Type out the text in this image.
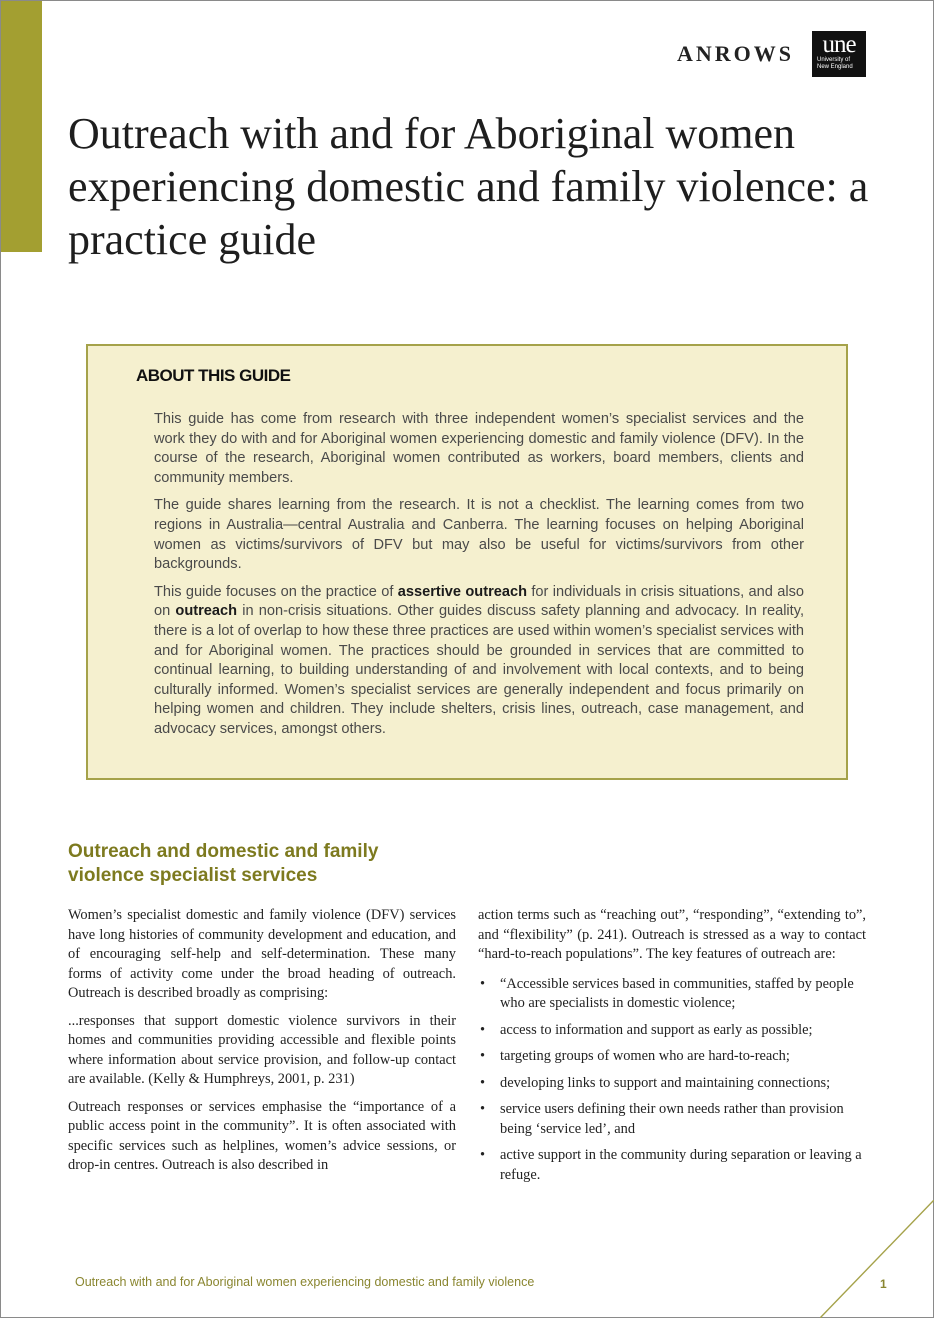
ANROWS une
University of New England
Outreach with and for Aboriginal women experiencing domestic and family violence: a practice guide
ABOUT THIS GUIDE

This guide has come from research with three independent women’s specialist services and the work they do with and for Aboriginal women experiencing domestic and family violence (DFV). In the course of the research, Aboriginal women contributed as workers, board members, clients and community members.

The guide shares learning from the research. It is not a checklist. The learning comes from two regions in Australia—central Australia and Canberra. The learning focuses on helping Aboriginal women as victims/survivors of DFV but may also be useful for victims/survivors from other backgrounds.

This guide focuses on the practice of assertive outreach for individuals in crisis situations, and also on outreach in non-crisis situations. Other guides discuss safety planning and advocacy. In reality, there is a lot of overlap to how these three practices are used within women’s specialist services with and for Aboriginal women. The practices should be grounded in services that are committed to continual learning, to building understanding of and involvement with local contexts, and to being culturally informed. Women’s specialist services are generally independent and focus primarily on helping women and children. They include shelters, crisis lines, outreach, case management, and advocacy services, amongst others.

Outreach and domestic and family violence specialist services

Women’s specialist domestic and family violence (DFV) services have long histories of community development and education, and of encouraging self-help and self-determination. These many forms of activity come under the broad heading of outreach. Outreach is described broadly as comprising:

...responses that support domestic violence survivors in their homes and communities providing accessible and flexible points where information about service provision, and follow-up contact are available. (Kelly & Humphreys, 2001, p. 231)

Outreach responses or services emphasise the “importance of a public access point in the community”. It is often associated with specific services such as helplines, women’s advice sessions, or drop-in centres. Outreach is also described in

action terms such as “reaching out”, “responding”, “extending to”, and “flexibility” (p. 241). Outreach is stressed as a way to contact “hard-to-reach populations”. The key features of outreach are:

• “Accessible services based in communities, staffed by people who are specialists in domestic violence;
• access to information and support as early as possible;
• targeting groups of women who are hard-to-reach;
• developing links to support and maintaining connections;
• service users defining their own needs rather than provision being ‘service led’, and
• active support in the community during separation or leaving a refuge.
Outreach with and for Aboriginal women experiencing domestic and family violence	1
